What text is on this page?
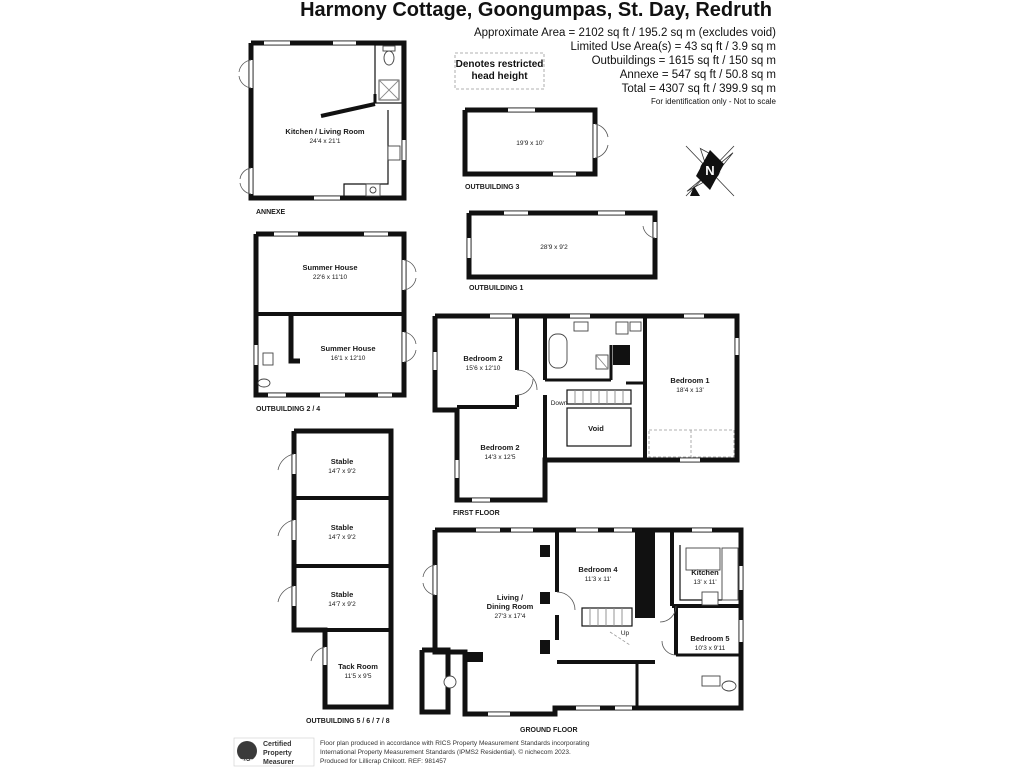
Harmony Cottage, Goongumpas, St. Day, Redruth
Approximate Area = 2102 sq ft / 195.2 sq m (excludes void)
Limited Use Area(s) = 43 sq ft / 3.9 sq m
Outbuildings = 1615 sq ft / 150 sq m
Annexe = 547 sq ft / 50.8 sq m
Total = 4307 sq ft / 399.9 sq m
For identification only - Not to scale
Denotes restricted
head height
N
Kitchen / Living Room
24'4 x 21'1
ANNEXE
19'9 x 10'
OUTBUILDING 3
28'9 x 9'2
OUTBUILDING 1
Summer House
22'6 x 11'10
Summer House
16'1 x 12'10
OUTBUILDING 2 / 4
Stable
14'7 x 9'2
Stable
14'7 x 9'2
Stable
14'7 x 9'2
Tack Room
11'5 x 9'5
OUTBUILDING 5 / 6 / 7 / 8
Bedroom 2
15'6 x 12'10
Bedroom 2
14'3 x 12'5
Bedroom 1
18'4 x 13'
Void
Down
FIRST FLOOR
Living /
Dining Room
27'3 x 17'4
Bedroom 4
11'3 x 11'
Kitchen
13' x 11'
Bedroom 5
10'3 x 9'11
Up
GROUND FLOOR
RICS
Certified
Property
Measurer
Floor plan produced in accordance with RICS Property Measurement Standards incorporating
International Property Measurement Standards (IPMS2 Residential). © nichecom 2023.
Produced for Lillicrap Chilcott. REF: 981457
